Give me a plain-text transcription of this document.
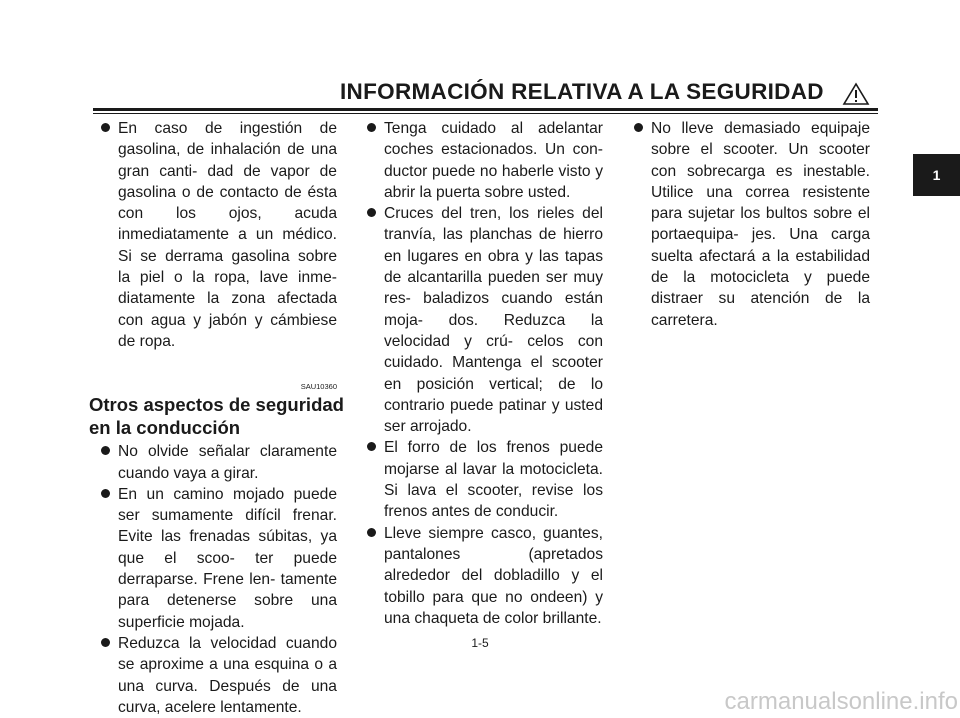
INFORMACIÓN RELATIVA A LA SEGURIDAD
1
En caso de ingestión de gasolina, de inhalación de una gran canti- dad de vapor de gasolina o de contacto de ésta con los ojos, acuda inmediatamente a un médico. Si se derrama gasolina sobre la piel o la ropa, lave inme- diatamente la zona afectada con agua y jabón y cámbiese de ropa.
SAU10360
Otros aspectos de seguridad en la conducción
No olvide señalar claramente cuando vaya a girar.
En un camino mojado puede ser sumamente difícil frenar. Evite las frenadas súbitas, ya que el scoo- ter puede derraparse. Frene len- tamente para detenerse sobre una superficie mojada.
Reduzca la velocidad cuando se aproxime a una esquina o a una curva. Después de una curva, acelere lentamente.
Tenga cuidado al adelantar coches estacionados. Un con- ductor puede no haberle visto y abrir la puerta sobre usted.
Cruces del tren, los rieles del tranvía, las planchas de hierro en lugares en obra y las tapas de alcantarilla pueden ser muy res- baladizos cuando están moja- dos. Reduzca la velocidad y crú- celos con cuidado. Mantenga el scooter en posición vertical; de lo contrario puede patinar y usted ser arrojado.
El forro de los frenos puede mojarse al lavar la motocicleta. Si lava el scooter, revise los frenos antes de conducir.
Lleve siempre casco, guantes, pantalones (apretados alrededor del dobladillo y el tobillo para que no ondeen) y una chaqueta de color brillante.
No lleve demasiado equipaje sobre el scooter. Un scooter con sobrecarga es inestable. Utilice una correa resistente para sujetar los bultos sobre el portaequipa- jes. Una carga suelta afectará a la estabilidad de la motocicleta y puede distraer su atención de la carretera.
1-5
carmanualsonline.info
